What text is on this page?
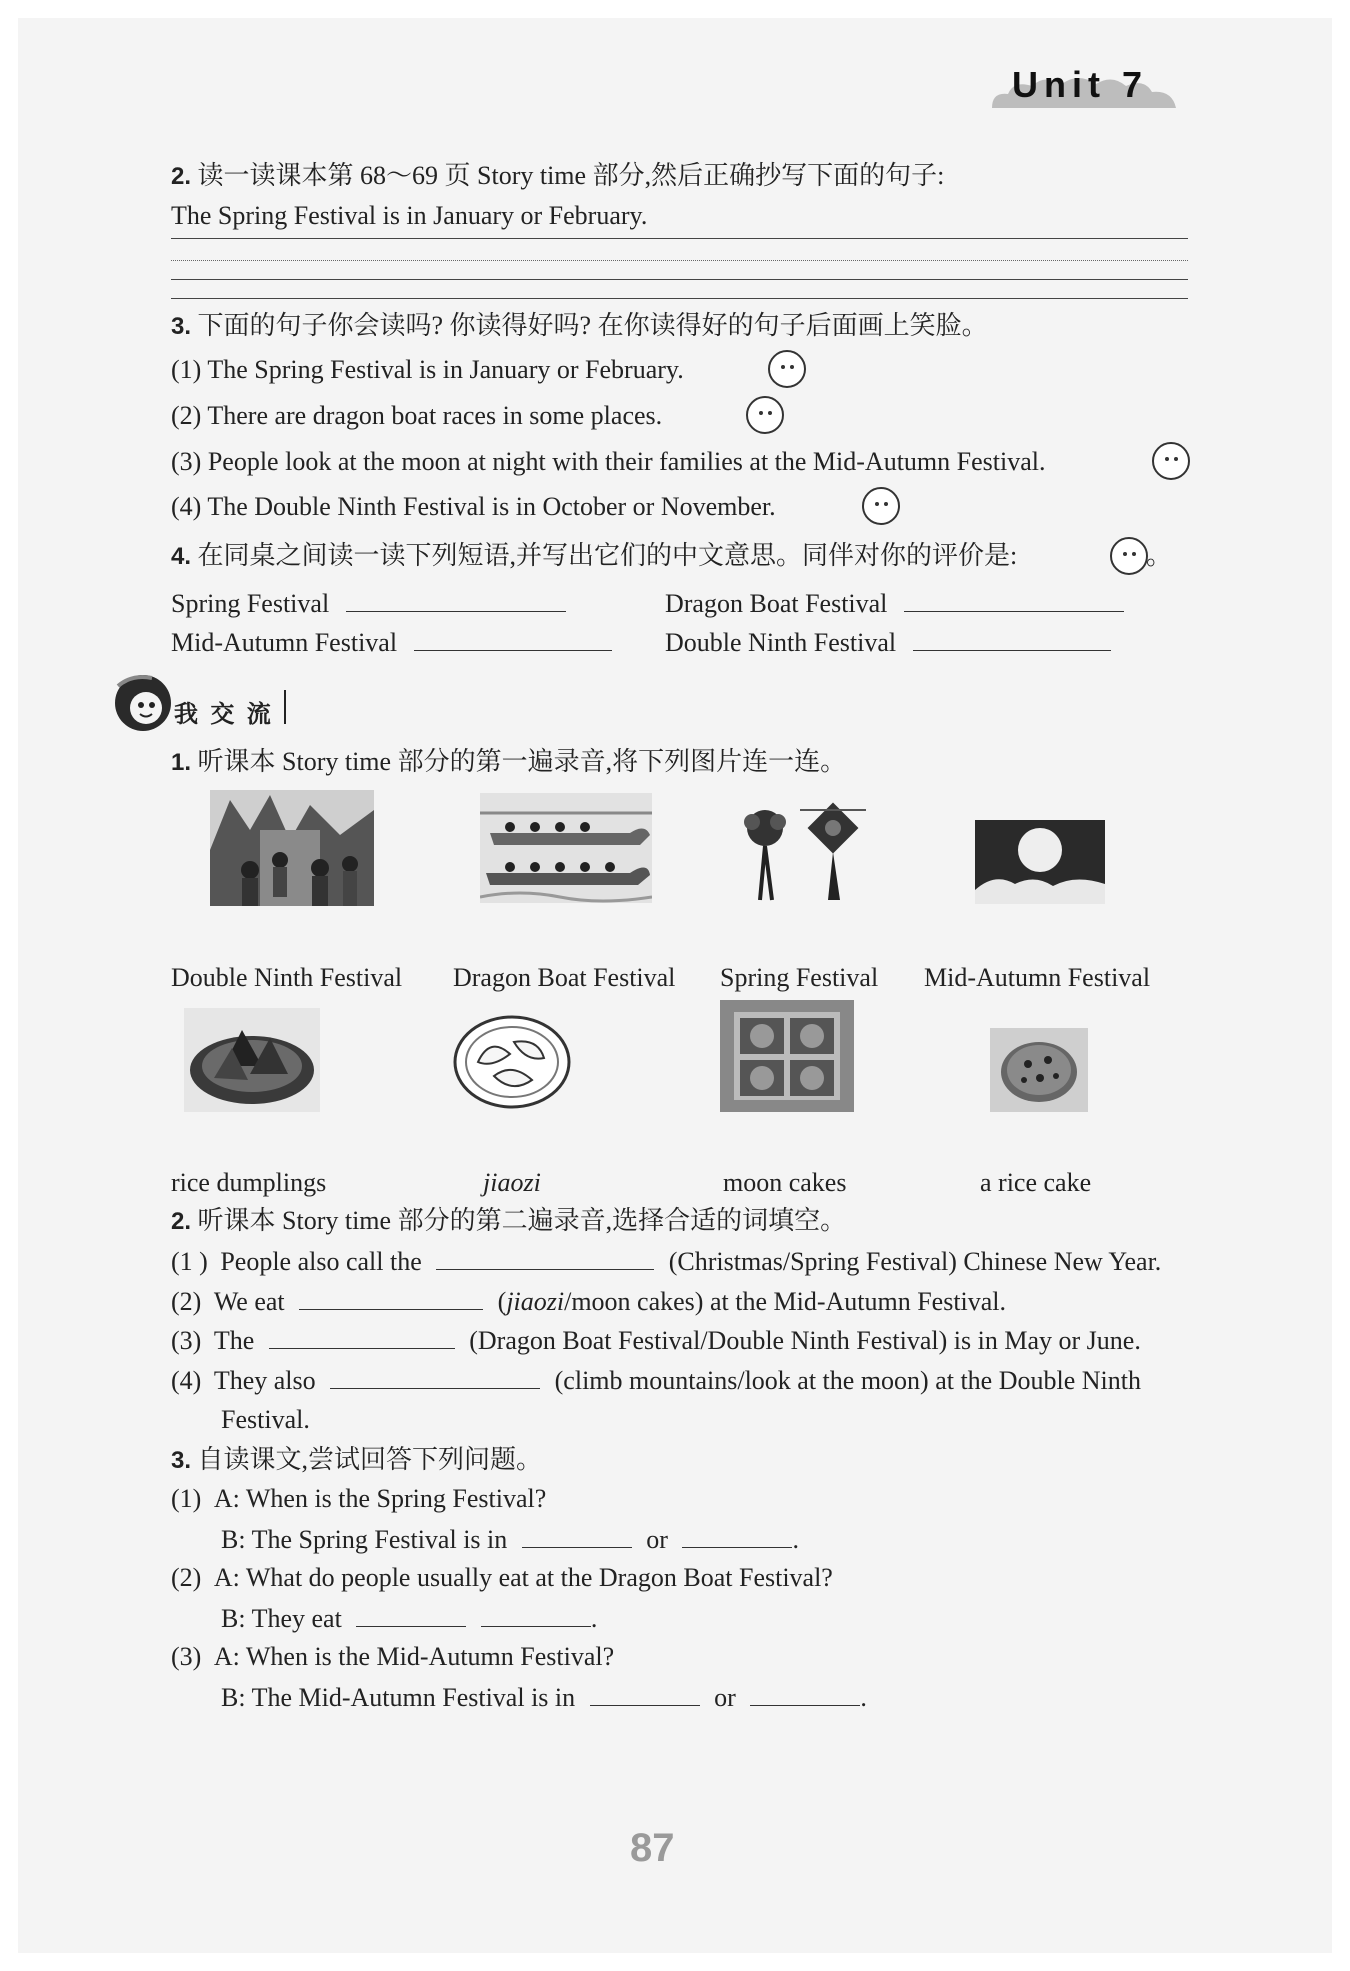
Unit 7
2. 读一读课本第 68～69 页 Story time 部分,然后正确抄写下面的句子:
The Spring Festival is in January or February.
3. 下面的句子你会读吗? 你读得好吗? 在你读得好的句子后面画上笑脸。
(1) The Spring Festival is in January or February.
(2) There are dragon boat races in some places.
(3) People look at the moon at night with their families at the Mid-Autumn Festival.
(4) The Double Ninth Festival is in October or November.
4. 在同桌之间读一读下列短语,并写出它们的中文意思。同伴对你的评价是:	。
Spring Festival	Dragon Boat Festival
Mid-Autumn Festival	Double Ninth Festival
我 交 流
1. 听课本 Story time 部分的第一遍录音,将下列图片连一连。
Double Ninth Festival Dragon Boat Festival Spring Festival Mid-Autumn Festival
rice dumplings	jiaozi	moon cakes	a rice cake
2. 听课本 Story time 部分的第二遍录音,选择合适的词填空。
(1 ) People also call the	(Christmas/Spring Festival) Chinese New Year.
(2) We eat	(jiaozi/moon cakes) at the Mid-Autumn Festival.
(3) The	(Dragon Boat Festival/Double Ninth Festival) is in May or June.
(4) They also	(climb mountains/look at the moon) at the Double Ninth
Festival.
3. 自读课文,尝试回答下列问题。
(1) A: When is the Spring Festival?
B: The Spring Festival is in	or	.
(2) A: What do people usually eat at the Dragon Boat Festival?
B: They eat	.
(3) A: When is the Mid-Autumn Festival?
B: The Mid-Autumn Festival is in	or	.
87
